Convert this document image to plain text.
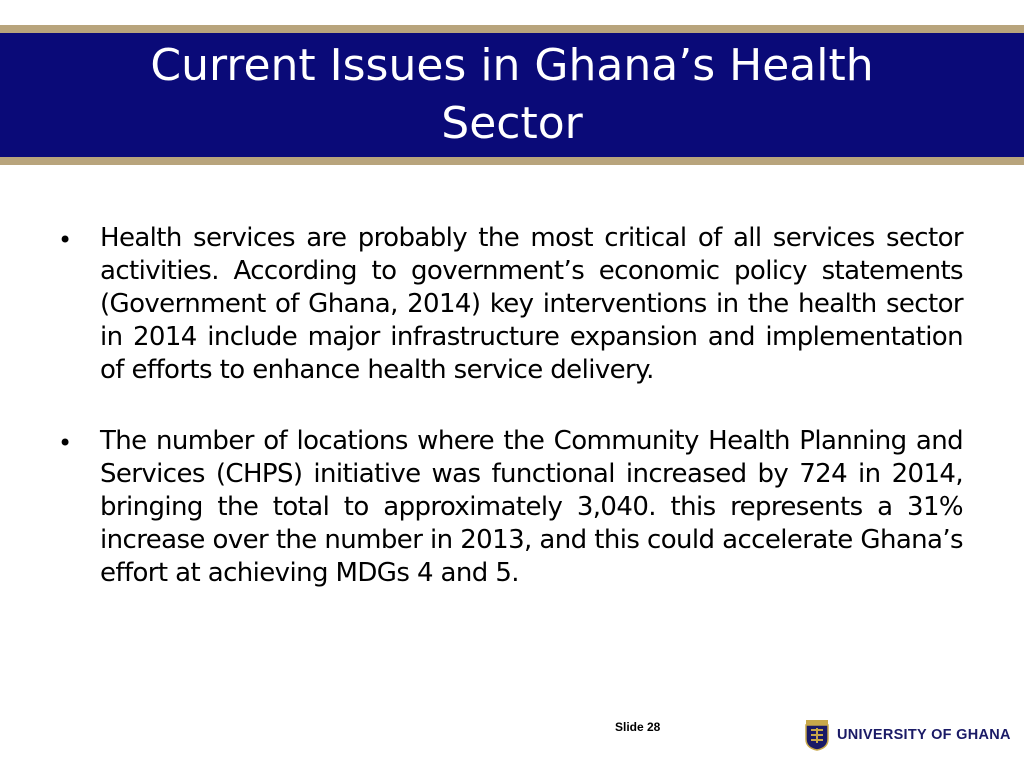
Current Issues in Ghana’s Health Sector
• Health services are probably the most critical of all services sector activities. According to government’s economic policy statements (Government of Ghana, 2014) key interventions in the health sector in 2014 include major infrastructure expansion and implementation of efforts to enhance health service delivery.

• The number of locations where the Community Health Planning and Services (CHPS) initiative was functional increased by 724 in 2014, bringing the total to approximately 3,040. this represents a 31% increase over the number in 2013, and this could accelerate Ghana’s effort at achieving MDGs 4 and 5.

Slide 28	UNIVERSITY OF GHANA
